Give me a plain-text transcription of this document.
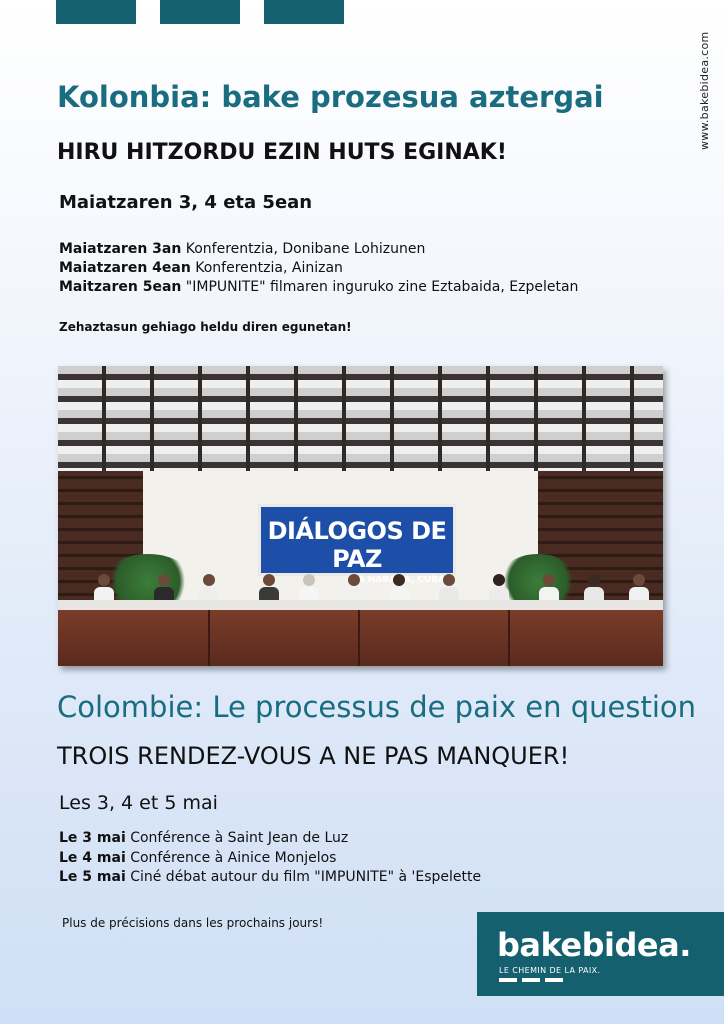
www.bakebidea.com
Kolonbia: bake prozesua aztergai
HIRU HITZORDU EZIN HUTS EGINAK!
Maiatzaren 3, 4 eta 5ean
Maiatzaren 3an Konferentzia, Donibane Lohizunen
Maiatzaren 4ean Konferentzia, Ainizan
Maitzaren 5ean "IMPUNITE" filmaren inguruko zine Eztabaida, Ezpeletan
Zehaztasun gehiago heldu diren egunetan!
DIÁLOGOS DE PAZ
HABANA, CUBA
Colombie: Le processus de paix en question
TROIS RENDEZ-VOUS A NE PAS MANQUER!
Les 3, 4 et 5 mai
Le 3 mai Conférence à Saint Jean de Luz
Le 4 mai Conférence à Ainice Monjelos
Le 5 mai Ciné débat autour du film "IMPUNITE" à 'Espelette
Plus de précisions dans les prochains jours!
bakebidea.
LE CHEMIN DE LA PAIX.
